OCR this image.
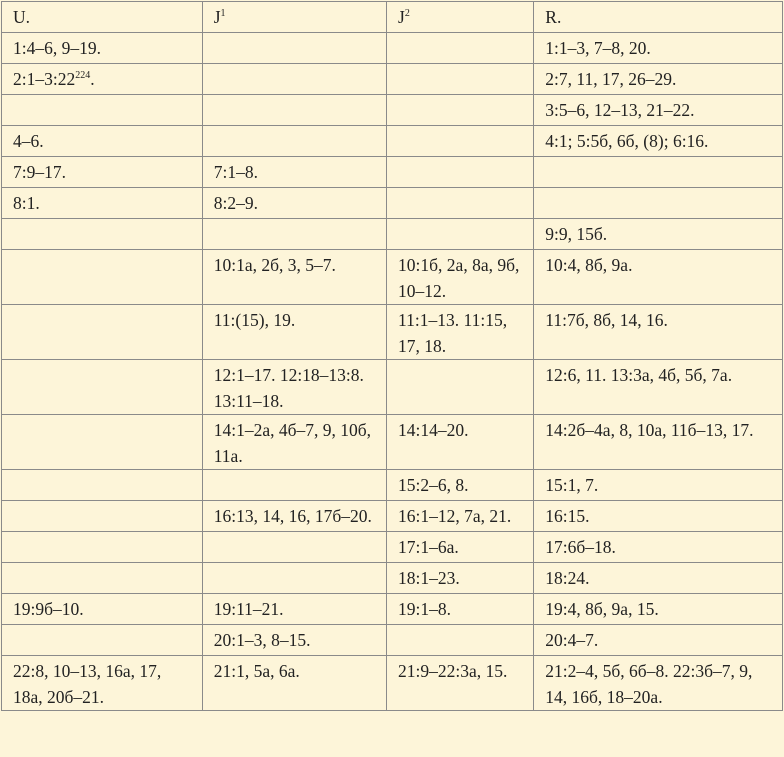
U.	$J^1$	$J^2$	R.
1:4–6, 9–19.			1:1–3, 7–8, 20.
$2:1-3:22^{224}$.			2:7, 11, 17, 26–29.
			3:5–6, 12–13, 21–22.
4–6.			4:1; 5:5б, 6б, (8); 6:16.
7:9–17.	7:1–8.		
8:1.	8:2–9.		
			9:9, 15б.
	10:1а, 2б, 3, 5–7.	10:1б, 2а, 8а, 9б, 10–12.	10:4, 8б, 9а.
	11:(15), 19.	11:1–13. 11:15, 17, 18.	11:7б, 8б, 14, 16.
	12:1–17. 12:18–13:8. 13:11–18.		12:6, 11. 13:3а, 4б, 5б, 7а.
	14:1–2а, 4б–7, 9, 10б, 11а.	14:14–20.	14:2б–4а, 8, 10а, 11б–13, 17.
		15:2–6, 8.	15:1, 7.
	16:13, 14, 16, 17б–20.	16:1–12, 7а, 21.	16:15.
		17:1–6а.	17:6б–18.
		18:1–23.	18:24.
19:9б–10.	19:11–21.	19:1–8.	19:4, 8б, 9а, 15.
	20:1–3, 8–15.		20:4–7.
22:8, 10–13, 16а, 17, 18а, 20б–21.	21:1, 5а, 6а.	21:9–22:3а, 15.	21:2–4, 5б, 6б–8. 22:3б–7, 9, 14, 16б, 18–20а.
